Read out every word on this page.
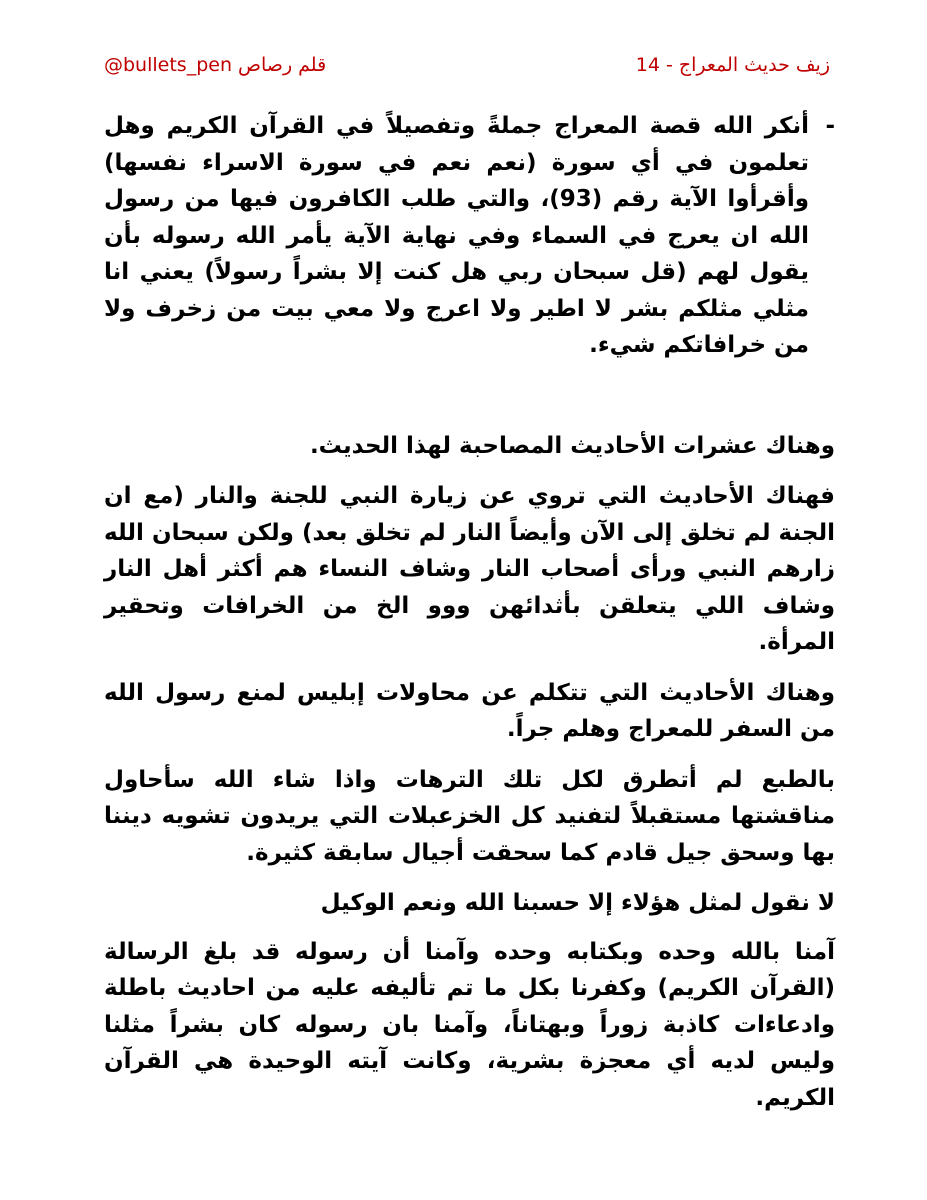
زيف حديث المعراج - 14
قلم رصاص @bullets_pen
-
أنكر الله قصة المعراج جملةً وتفصيلاً في القرآن الكريم وهل تعلمون في أي سورة (نعم نعم في سورة الاسراء نفسها) وأقرأوا الآية رقم (93)، والتي طلب الكافرون فيها من رسول الله ان يعرج في السماء وفي نهاية الآية يأمر الله رسوله بأن يقول لهم (قل سبحان ربي هل كنت إلا بشراً رسولاً) يعني انا مثلي مثلكم بشر لا اطير ولا اعرج ولا معي بيت من زخرف ولا من خرافاتكم شيء.

وهناك عشرات الأحاديث المصاحبة لهذا الحديث.

فهناك الأحاديث التي تروي عن زيارة النبي للجنة والنار (مع ان الجنة لم تخلق إلى الآن وأيضاً النار لم تخلق بعد) ولكن سبحان الله زارهم النبي ورأى أصحاب النار وشاف النساء هم أكثر أهل النار وشاف اللي يتعلقن بأثدائهن ووو الخ من الخرافات وتحقير المرأة.

وهناك الأحاديث التي تتكلم عن محاولات إبليس لمنع رسول الله من السفر للمعراج وهلم جراً.

بالطبع لم أتطرق لكل تلك الترهات واذا شاء الله سأحاول مناقشتها مستقبلاً لتفنيد كل الخزعبلات التي يريدون تشويه ديننا بها وسحق جيل قادم كما سحقت أجيال سابقة كثيرة.

لا نقول لمثل هؤلاء إلا حسبنا الله ونعم الوكيل

آمنا بالله وحده وبكتابه وحده وآمنا أن رسوله قد بلغ الرسالة (القرآن الكريم) وكفرنا بكل ما تم تأليفه عليه من احاديث باطلة وادعاءات كاذبة زوراً وبهتاناً، وآمنا بان رسوله كان بشراً مثلنا وليس لديه أي معجزة بشرية، وكانت آيته الوحيدة هي القرآن الكريم.
